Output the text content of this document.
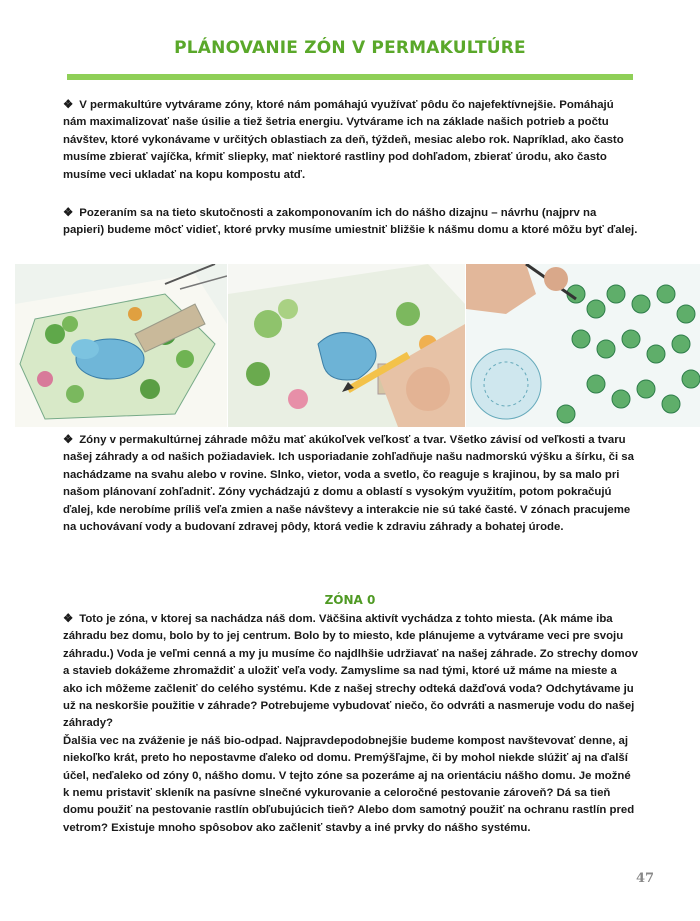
PLÁNOVANIE ZÓN V PERMAKULTÚRE
❖ V permakultúre vytvárame zóny, ktoré nám pomáhajú využívať pôdu čo najefektívnejšie. Pomáhajú nám maximalizovať naše úsilie a tiež šetria energiu. Vytvárame ich na základe našich potrieb a počtu návštev, ktoré vykonávame v určitých oblastiach za deň, týždeň, mesiac alebo rok. Napríklad, ako často musíme zbierať vajíčka, kŕmiť sliepky, mať niektoré rastliny pod dohľadom, zbierať úrodu, ako často musíme veci ukladať na kopu kompostu atď.
❖ Pozeraním sa na tieto skutočnosti a zakomponovaním ich do nášho dizajnu – návrhu (najprv na papieri) budeme môcť vidieť, ktoré prvky musíme umiestniť bližšie k nášmu domu a ktoré môžu byť ďalej.
❖ Zóny v permakultúrnej záhrade môžu mať akúkoľvek veľkosť a tvar. Všetko závisí od veľkosti a tvaru našej záhrady a od našich požiadaviek. Ich usporiadanie zohľadňuje našu nadmorskú výšku a šírku, či sa nachádzame na svahu alebo v rovine. Slnko, vietor, voda a svetlo, čo reaguje s krajinou, by sa malo pri našom plánovaní zohľadniť. Zóny vychádzajú z domu a oblastí s vysokým využitím, potom pokračujú ďalej, kde nerobíme príliš veľa zmien a naše návštevy a interakcie nie sú také časté. V zónach pracujeme na uchovávaní vody a budovaní zdravej pôdy, ktorá vedie k zdraviu záhrady a bohatej úrode.
ZÓNA 0
❖ Toto je zóna, v ktorej sa nachádza náš dom. Väčšina aktivít vychádza z tohto miesta. (Ak máme iba záhradu bez domu, bolo by to jej centrum. Bolo by to miesto, kde plánujeme a vytvárame veci pre svoju záhradu.) Voda je veľmi cenná a my ju musíme čo najdlhšie udržiavať na našej záhrade. Zo strechy domov a stavieb dokážeme zhromaždiť a uložiť veľa vody. Zamyslime sa nad tými, ktoré už máme na mieste a ako ich môžeme začleniť do celého systému. Kde z našej strechy odteká dažďová voda? Odchytávame ju už na neskoršie použitie v záhrade? Potrebujeme vybudovať niečo, čo odvráti a nasmeruje vodu do našej záhrady?
Ďalšia vec na zváženie je náš bio-odpad. Najpravdepodobnejšie budeme kompost navštevovať denne, aj niekoľko krát, preto ho nepostavme ďaleko od domu. Premýšľajme, či by mohol niekde slúžiť aj na ďalší účel, neďaleko od zóny 0, nášho domu. V tejto zóne sa pozeráme aj na orientáciu nášho domu. Je možné k nemu pristaviť skleník na pasívne slnečné vykurovanie a celoročné pestovanie zároveň? Dá sa tieň domu použiť na pestovanie rastlín obľubujúcich tieň? Alebo dom samotný použiť na ochranu rastlín pred vetrom? Existuje mnoho spôsobov ako začleniť stavby a iné prvky do nášho systému.
47
